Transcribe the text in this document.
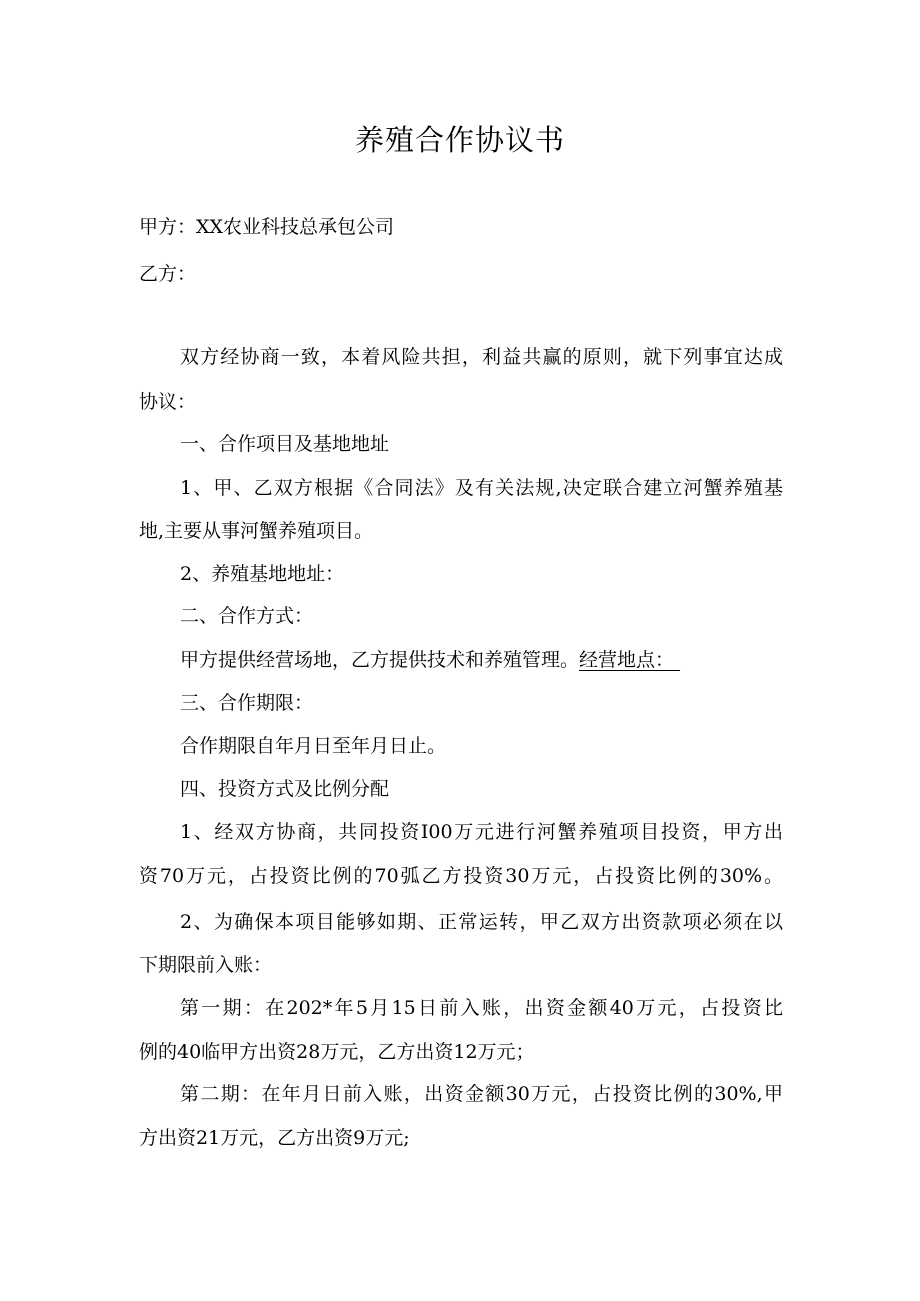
养殖合作协议书
甲方：XX农业科技总承包公司
乙方：
双方经协商一致，本着风险共担，利益共赢的原则，就下列事宜达成
协议：
一、合作项目及基地地址
1、甲、乙双方根据《合同法》及有关法规,决定联合建立河蟹养殖基
地,主要从事河蟹养殖项目。
2、养殖基地地址：
二、合作方式：
甲方提供经营场地，乙方提供技术和养殖管理。经营地点：
三、合作期限：
合作期限自年月日至年月日止。
四、投资方式及比例分配
1、经双方协商，共同投资I00万元进行河蟹养殖项目投资，甲方出
资70万元，占投资比例的70弧乙方投资30万元，占投资比例的30%。
2、为确保本项目能够如期、正常运转，甲乙双方出资款项必须在以
下期限前入账：
第一期：在202*年5月15日前入账，出资金额40万元，占投资比
例的40临甲方出资28万元，乙方出资12万元；
第二期：在年月日前入账，出资金额30万元，占投资比例的30%,甲
方出资21万元，乙方出资9万元;
